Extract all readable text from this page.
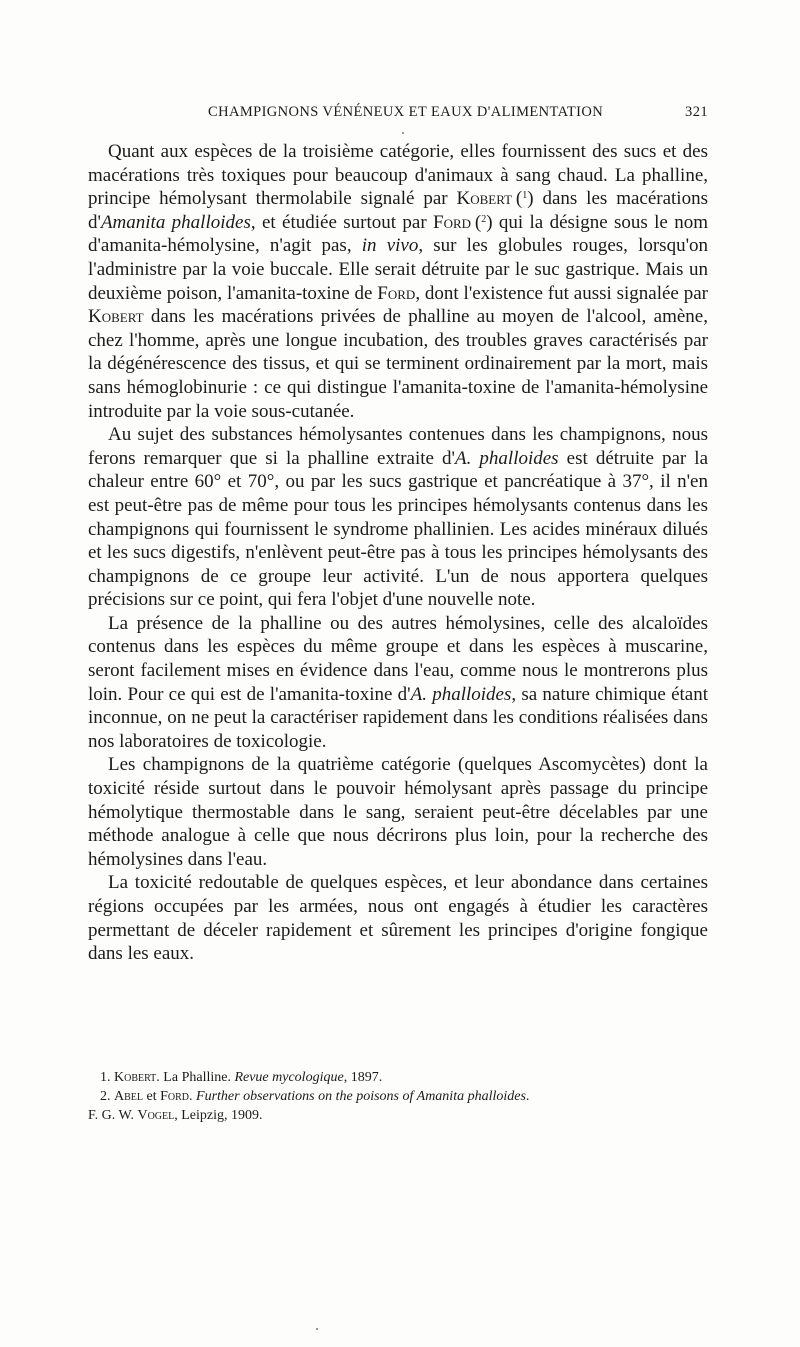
CHAMPIGNONS VÉNÉNEUX ET EAUX D'ALIMENTATION	321

Quant aux espèces de la troisième catégorie, elles fournissent des sucs et des macérations très toxiques pour beaucoup d'animaux à sang chaud. La phalline, principe hémolysant thermolabile signalé par Kobert ($^1$) dans les macérations d'Amanita phalloides, et étudiée surtout par Ford ($^2$) qui la désigne sous le nom d'amanita-hémolysine, n'agit pas, in vivo, sur les globules rouges, lorsqu'on l'administre par la voie buccale. Elle serait détruite par le suc gastrique. Mais un deuxième poison, l'amanita-toxine de Ford, dont l'existence fut aussi signalée par Kobert dans les macérations privées de phalline au moyen de l'alcool, amène, chez l'homme, après une longue incubation, des troubles graves caractérisés par la dégénérescence des tissus, et qui se terminent ordinairement par la mort, mais sans hémoglobinurie : ce qui distingue l'amanita-toxine de l'amanita-hémolysine introduite par la voie sous-cutanée.

Au sujet des substances hémolysantes contenues dans les champignons, nous ferons remarquer que si la phalline extraite d'A. phalloides est détruite par la chaleur entre 60° et 70°, ou par les sucs gastrique et pancréatique à 37°, il n'en est peut-être pas de même pour tous les principes hémolysants contenus dans les champignons qui fournissent le syndrome phallinien. Les acides minéraux dilués et les sucs digestifs, n'enlèvent peut-être pas à tous les principes hémolysants des champignons de ce groupe leur activité. L'un de nous apportera quelques précisions sur ce point, qui fera l'objet d'une nouvelle note.

La présence de la phalline ou des autres hémolysines, celle des alcaloïdes contenus dans les espèces du même groupe et dans les espèces à muscarine, seront facilement mises en évidence dans l'eau, comme nous le montrerons plus loin. Pour ce qui est de l'amanita-toxine d'A. phalloides, sa nature chimique étant inconnue, on ne peut la caractériser rapidement dans les conditions réalisées dans nos laboratoires de toxicologie.

Les champignons de la quatrième catégorie (quelques Ascomycètes) dont la toxicité réside surtout dans le pouvoir hémolysant après passage du principe hémolytique thermostable dans le sang, seraient peut-être décelables par une méthode analogue à celle que nous décrirons plus loin, pour la recherche des hémolysines dans l'eau.

La toxicité redoutable de quelques espèces, et leur abondance dans certaines régions occupées par les armées, nous ont engagés à étudier les caractères permettant de déceler rapidement et sûrement les principes d'origine fongique dans les eaux.

1. Kobert. La Phalline. Revue mycologique, 1897.

2. Abel et Ford. Further observations on the poisons of Amanita phalloides.

F. G. W. Vogel, Leipzig, 1909.
